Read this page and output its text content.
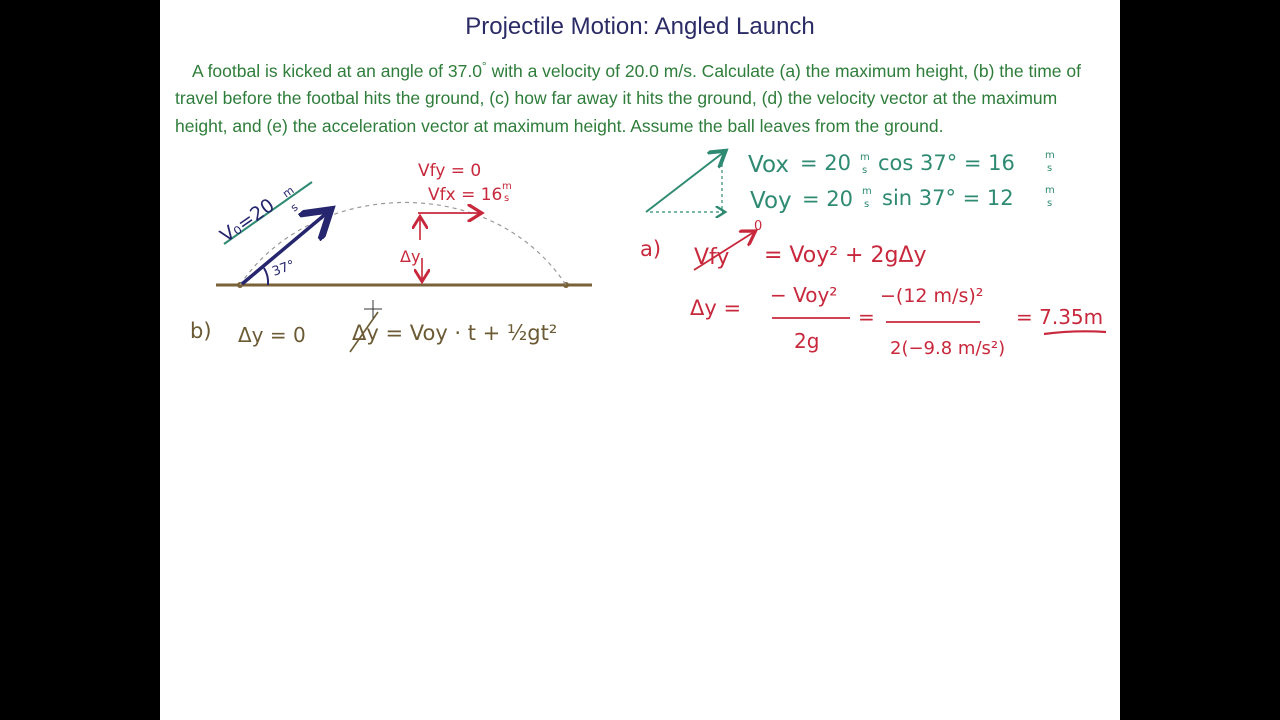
Projectile Motion: Angled Launch
A footbal is kicked at an angle of 37.0° with a velocity of 20.0 m/s. Calculate (a) the maximum height, (b) the time of travel before the footbal hits the ground, (c) how far away it hits the ground, (d) the velocity vector at the maximum height, and (e) the acceleration vector at maximum height. Assume the ball leaves from the ground.
37°
V₀=20
m
s
Vfy = 0
Vfx = 16 m
s
Δy
Vox = 20 m
s cos 37° = 16	m
s
Voy = 20 m
s sin 37° = 12	m
s
a) Vfy
0
= Voy² + 2gΔy
Δy =
− Voy²
2g
=
−(12 m/s)²
2(−9.8 m/s²)
= 7.35m
b) Δy = 0 Δy = Voy · t + ½gt²
